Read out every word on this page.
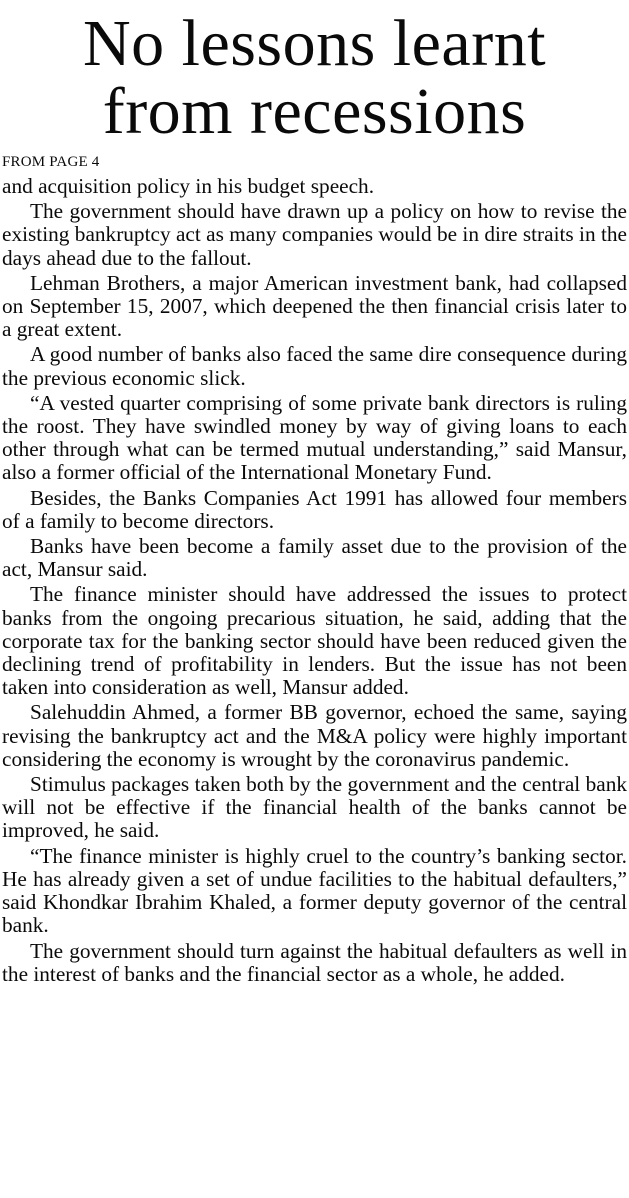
No lessons learnt
from recessions
FROM PAGE 4

and acquisition policy in his budget speech.

The government should have drawn up a policy on how to revise the existing bankruptcy act as many companies would be in dire straits in the days ahead due to the fallout.

Lehman Brothers, a major American investment bank, had collapsed on September 15, 2007, which deepened the then financial crisis later to a great extent.

A good number of banks also faced the same dire consequence during the previous economic slick.

“A vested quarter comprising of some private bank directors is ruling the roost. They have swindled money by way of giving loans to each other through what can be termed mutual understanding,” said Mansur, also a former official of the International Monetary Fund.

Besides, the Banks Companies Act 1991 has allowed four members of a family to become directors.

Banks have been become a family asset due to the provision of the act, Mansur said.

The finance minister should have addressed the issues to protect banks from the ongoing precarious situation, he said, adding that the corporate tax for the banking sector should have been reduced given the declining trend of profitability in lenders. But the issue has not been taken into consideration as well, Mansur added.

Salehuddin Ahmed, a former BB governor, echoed the same, saying revising the bankruptcy act and the M&A policy were highly important considering the economy is wrought by the coronavirus pandemic.

Stimulus packages taken both by the government and the central bank will not be effective if the financial health of the banks cannot be improved, he said.

“The finance minister is highly cruel to the country’s banking sector. He has already given a set of undue facilities to the habitual defaulters,” said Khondkar Ibrahim Khaled, a former deputy governor of the central bank.

The government should turn against the habitual defaulters as well in the interest of banks and the financial sector as a whole, he added.
